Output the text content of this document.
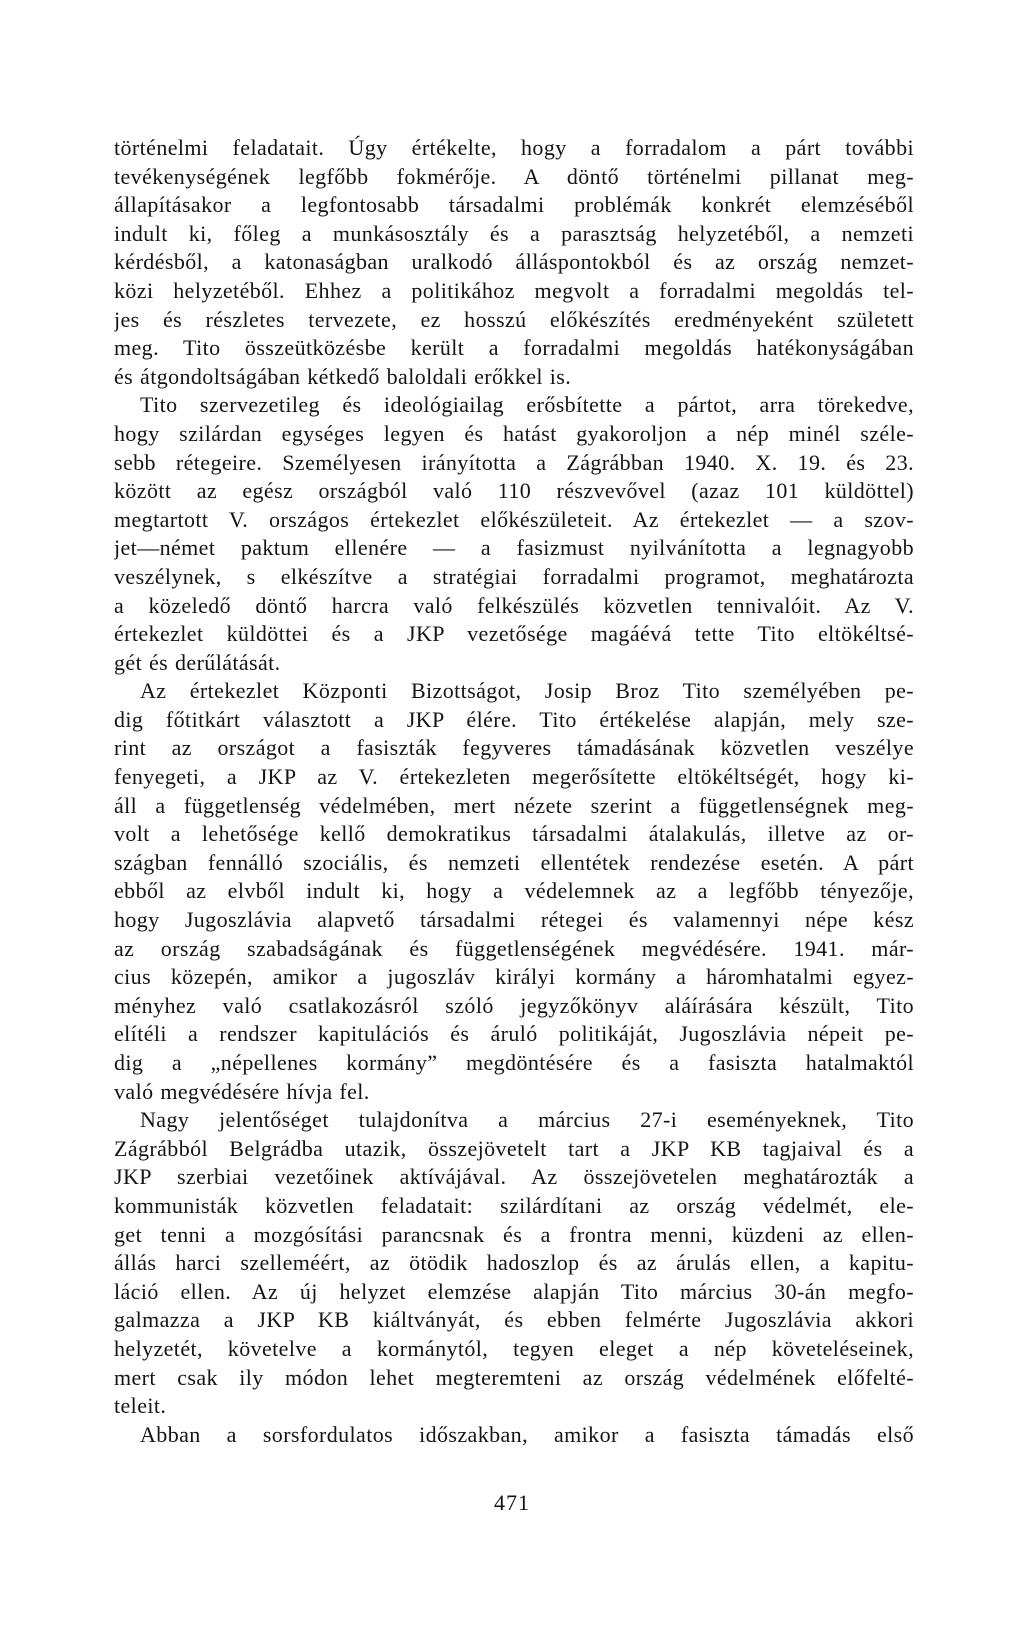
történelmi feladatait. Úgy értékelte, hogy a forradalom a párt további
tevékenységének legfőbb fokmérője. A döntő történelmi pillanat meg-
állapításakor a legfontosabb társadalmi problémák konkrét elemzéséből
indult ki, főleg a munkásosztály és a parasztság helyzetéből, a nemzeti
kérdésből, a katonaságban uralkodó álláspontokból és az ország nemzet-
közi helyzetéből. Ehhez a politikához megvolt a forradalmi megoldás tel-
jes és részletes tervezete, ez hosszú előkészítés eredményeként született
meg. Tito összeütközésbe került a forradalmi megoldás hatékonyságában
és átgondoltságában kétkedő baloldali erőkkel is.
Tito szervezetileg és ideológiailag erősbítette a pártot, arra törekedve,
hogy szilárdan egységes legyen és hatást gyakoroljon a nép minél széle-
sebb rétegeire. Személyesen irányította a Zágrábban 1940. X. 19. és 23.
között az egész országból való 110 részvevővel (azaz 101 küldöttel)
megtartott V. országos értekezlet előkészületeit. Az értekezlet — a szov-
jet—német paktum ellenére — a fasizmust nyilvánította a legnagyobb
veszélynek, s elkészítve a stratégiai forradalmi programot, meghatározta
a közeledő döntő harcra való felkészülés közvetlen tennivalóit. Az V.
értekezlet küldöttei és a JKP vezetősége magáévá tette Tito eltökéltsé-
gét és derűlátását.
Az értekezlet Központi Bizottságot, Josip Broz Tito személyében pe-
dig főtitkárt választott a JKP élére. Tito értékelése alapján, mely sze-
rint az országot a fasiszták fegyveres támadásának közvetlen veszélye
fenyegeti, a JKP az V. értekezleten megerősítette eltökéltségét, hogy ki-
áll a függetlenség védelmében, mert nézete szerint a függetlenségnek meg-
volt a lehetősége kellő demokratikus társadalmi átalakulás, illetve az or-
szágban fennálló szociális, és nemzeti ellentétek rendezése esetén. A párt
ebből az elvből indult ki, hogy a védelemnek az a legfőbb tényezője,
hogy Jugoszlávia alapvető társadalmi rétegei és valamennyi népe kész
az ország szabadságának és függetlenségének megvédésére. 1941. már-
cius közepén, amikor a jugoszláv királyi kormány a háromhatalmi egyez-
ményhez való csatlakozásról szóló jegyzőkönyv aláírására készült, Tito
elítéli a rendszer kapitulációs és áruló politikáját, Jugoszlávia népeit pe-
dig a „népellenes kormány” megdöntésére és a fasiszta hatalmaktól
való megvédésére hívja fel.
Nagy jelentőséget tulajdonítva a március 27-i eseményeknek, Tito
Zágrábból Belgrádba utazik, összejövetelt tart a JKP KB tagjaival és a
JKP szerbiai vezetőinek aktívájával. Az összejövetelen meghatározták a
kommunisták közvetlen feladatait: szilárdítani az ország védelmét, ele-
get tenni a mozgósítási parancsnak és a frontra menni, küzdeni az ellen-
állás harci szelleméért, az ötödik hadoszlop és az árulás ellen, a kapitu-
láció ellen. Az új helyzet elemzése alapján Tito március 30-án megfo-
galmazza a JKP KB kiáltványát, és ebben felmérte Jugoszlávia akkori
helyzetét, követelve a kormánytól, tegyen eleget a nép követeléseinek,
mert csak ily módon lehet megteremteni az ország védelmének előfelté-
teleit.
Abban a sorsfordulatos időszakban, amikor a fasiszta támadás első
471
